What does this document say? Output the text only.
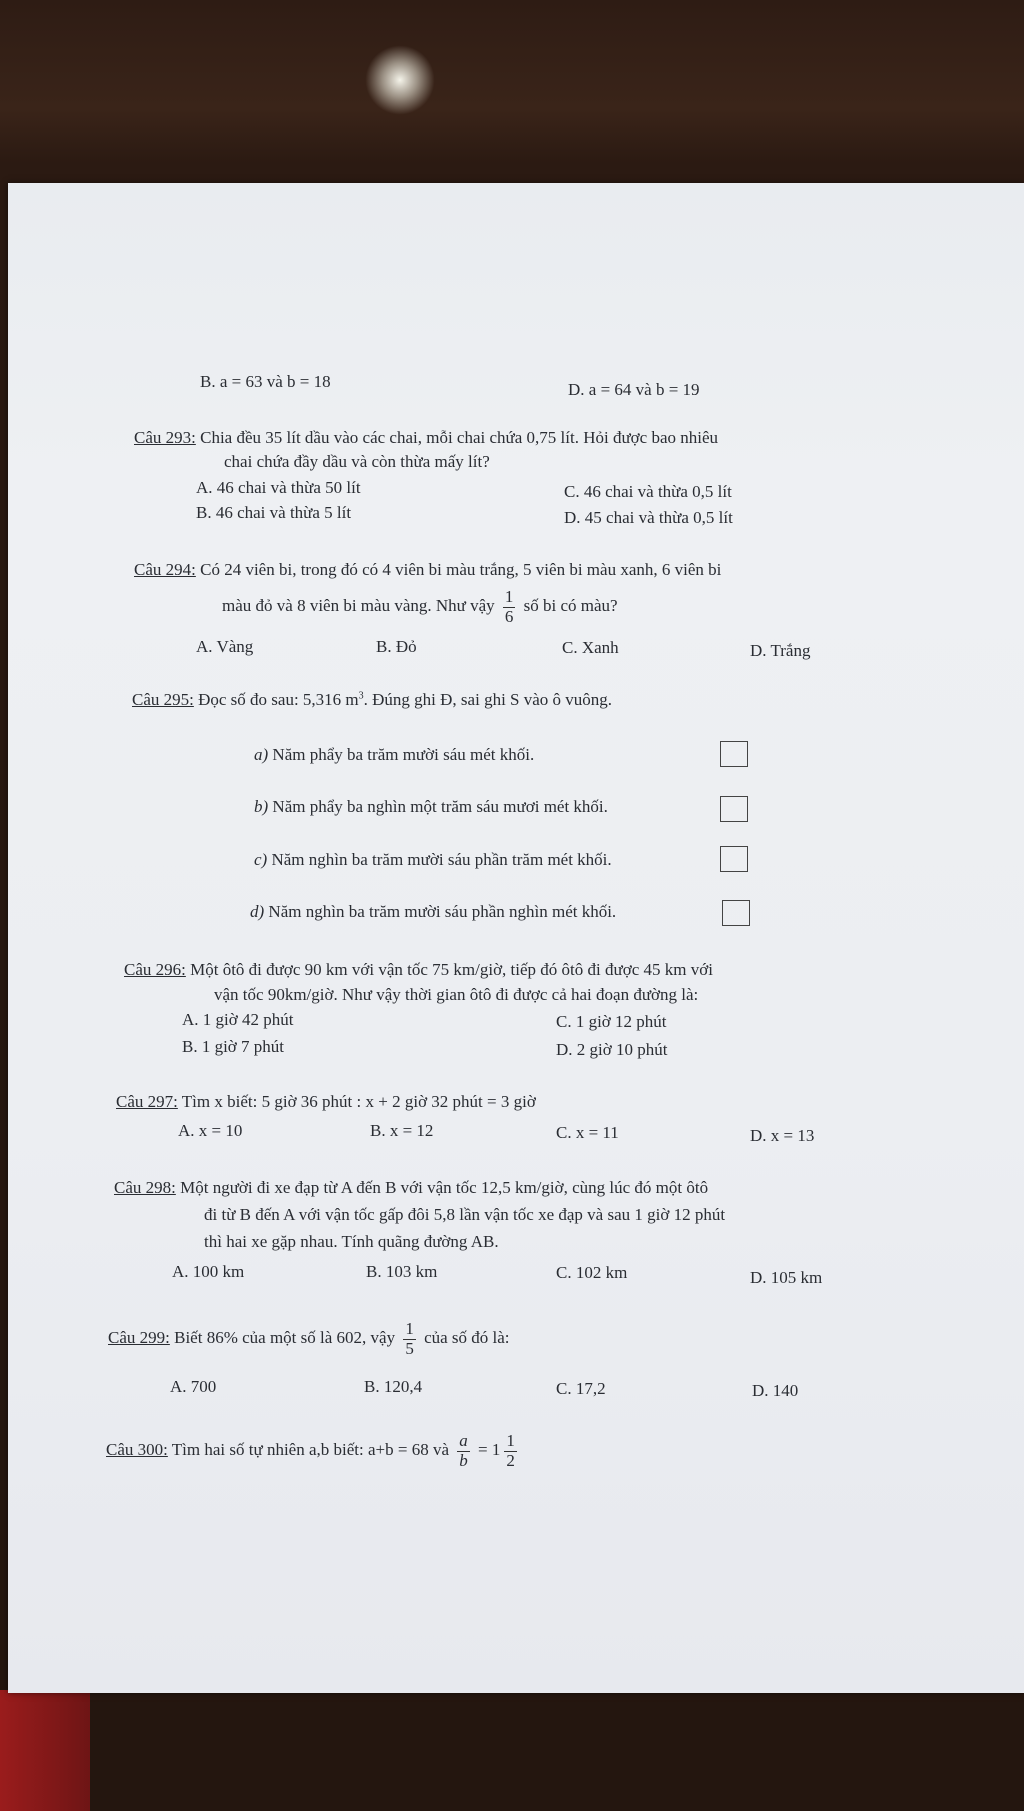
B. a = 63 và b = 18	D. a = 64 và b = 19
Câu 293: Chia đều 35 lít dầu vào các chai, mỗi chai chứa 0,75 lít. Hỏi được bao nhiêu
chai chứa đầy dầu và còn thừa mấy lít?
A. 46 chai và thừa 50 lít
B. 46 chai và thừa 5 lít
C. 46 chai và thừa 0,5 lít
D. 45 chai và thừa 0,5 lít
Câu 294: Có 24 viên bi, trong đó có 4 viên bi màu trắng, 5 viên bi màu xanh, 6 viên bi
màu đỏ và 8 viên bi màu vàng. Như vậy $\frac{1}{6}$ số bi có màu?
A. Vàng	B. Đỏ	C. Xanh	D. Trắng
Câu 295: Đọc số đo sau: 5,316 $m^3$. Đúng ghi Đ, sai ghi S vào ô vuông.
a) Năm phẩy ba trăm mười sáu mét khối.
b) Năm phẩy ba nghìn một trăm sáu mươi mét khối.
c) Năm nghìn ba trăm mười sáu phần trăm mét khối.
d) Năm nghìn ba trăm mười sáu phần nghìn mét khối.
Câu 296: Một ôtô đi được 90 km với vận tốc 75 km/giờ, tiếp đó ôtô đi được 45 km với
vận tốc 90km/giờ. Như vậy thời gian ôtô đi được cả hai đoạn đường là:
A. 1 giờ 42 phút
B. 1 giờ 7 phút
C. 1 giờ 12 phút
D. 2 giờ 10 phút
Câu 297: Tìm x biết: 5 giờ 36 phút : x + 2 giờ 32 phút = 3 giờ
A. x = 10	B. x = 12	C. x = 11	D. x = 13
Câu 298: Một người đi xe đạp từ A đến B với vận tốc 12,5 km/giờ, cùng lúc đó một ôtô
đi từ B đến A với vận tốc gấp đôi 5,8 lần vận tốc xe đạp và sau 1 giờ 12 phút
thì hai xe gặp nhau. Tính quãng đường AB.
A. 100 km	B. 103 km	C. 102 km	D. 105 km
Câu 299: Biết 86% của một số là 602, vậy $\frac{1}{5}$ của số đó là:
A. 700	B. 120,4	C. 17,2	D. 140
Câu 300: Tìm hai số tự nhiên a,b biết: a+b = 68 và $\frac{a}{b} = 1 \frac{1}{2}$
